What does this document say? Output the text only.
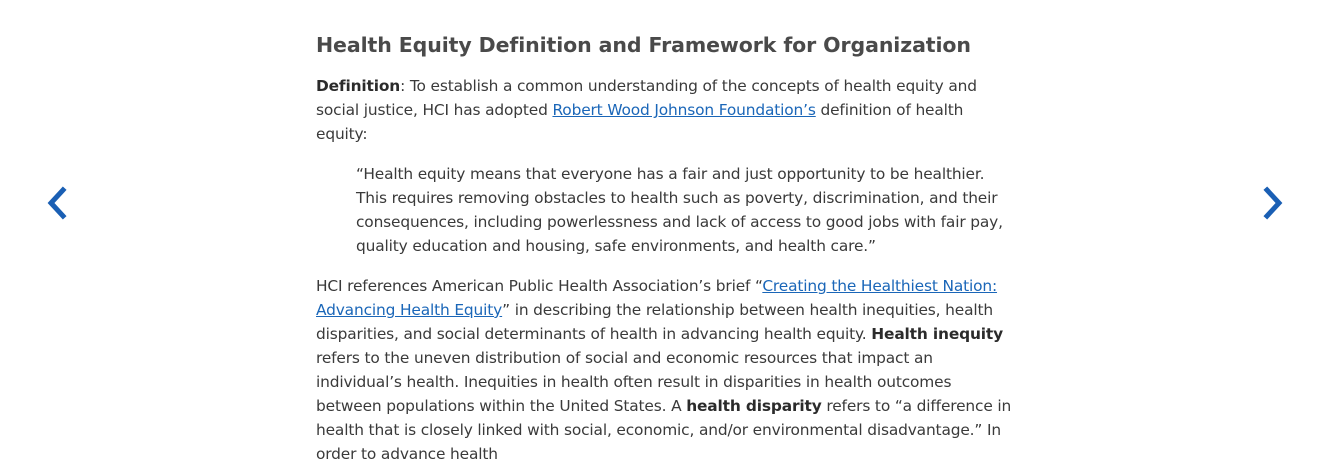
Health Equity Definition and Framework for Organization

Definition: To establish a common understanding of the concepts of health equity and social justice, HCI has adopted Robert Wood Johnson Foundation’s definition of health equity:

“Health equity means that everyone has a fair and just opportunity to be healthier. This requires removing obstacles to health such as poverty, discrimination, and their consequences, including powerlessness and lack of access to good jobs with fair pay, quality education and housing, safe environments, and health care.”

HCI references American Public Health Association’s brief “Creating the Healthiest Nation: Advancing Health Equity” in describing the relationship between health inequities, health disparities, and social determinants of health in advancing health equity. Health inequity refers to the uneven distribution of social and economic resources that impact an individual’s health. Inequities in health often result in disparities in health outcomes between populations within the United States. A health disparity refers to “a difference in health that is closely linked with social, economic, and/or environmental disadvantage.” In order to advance health
